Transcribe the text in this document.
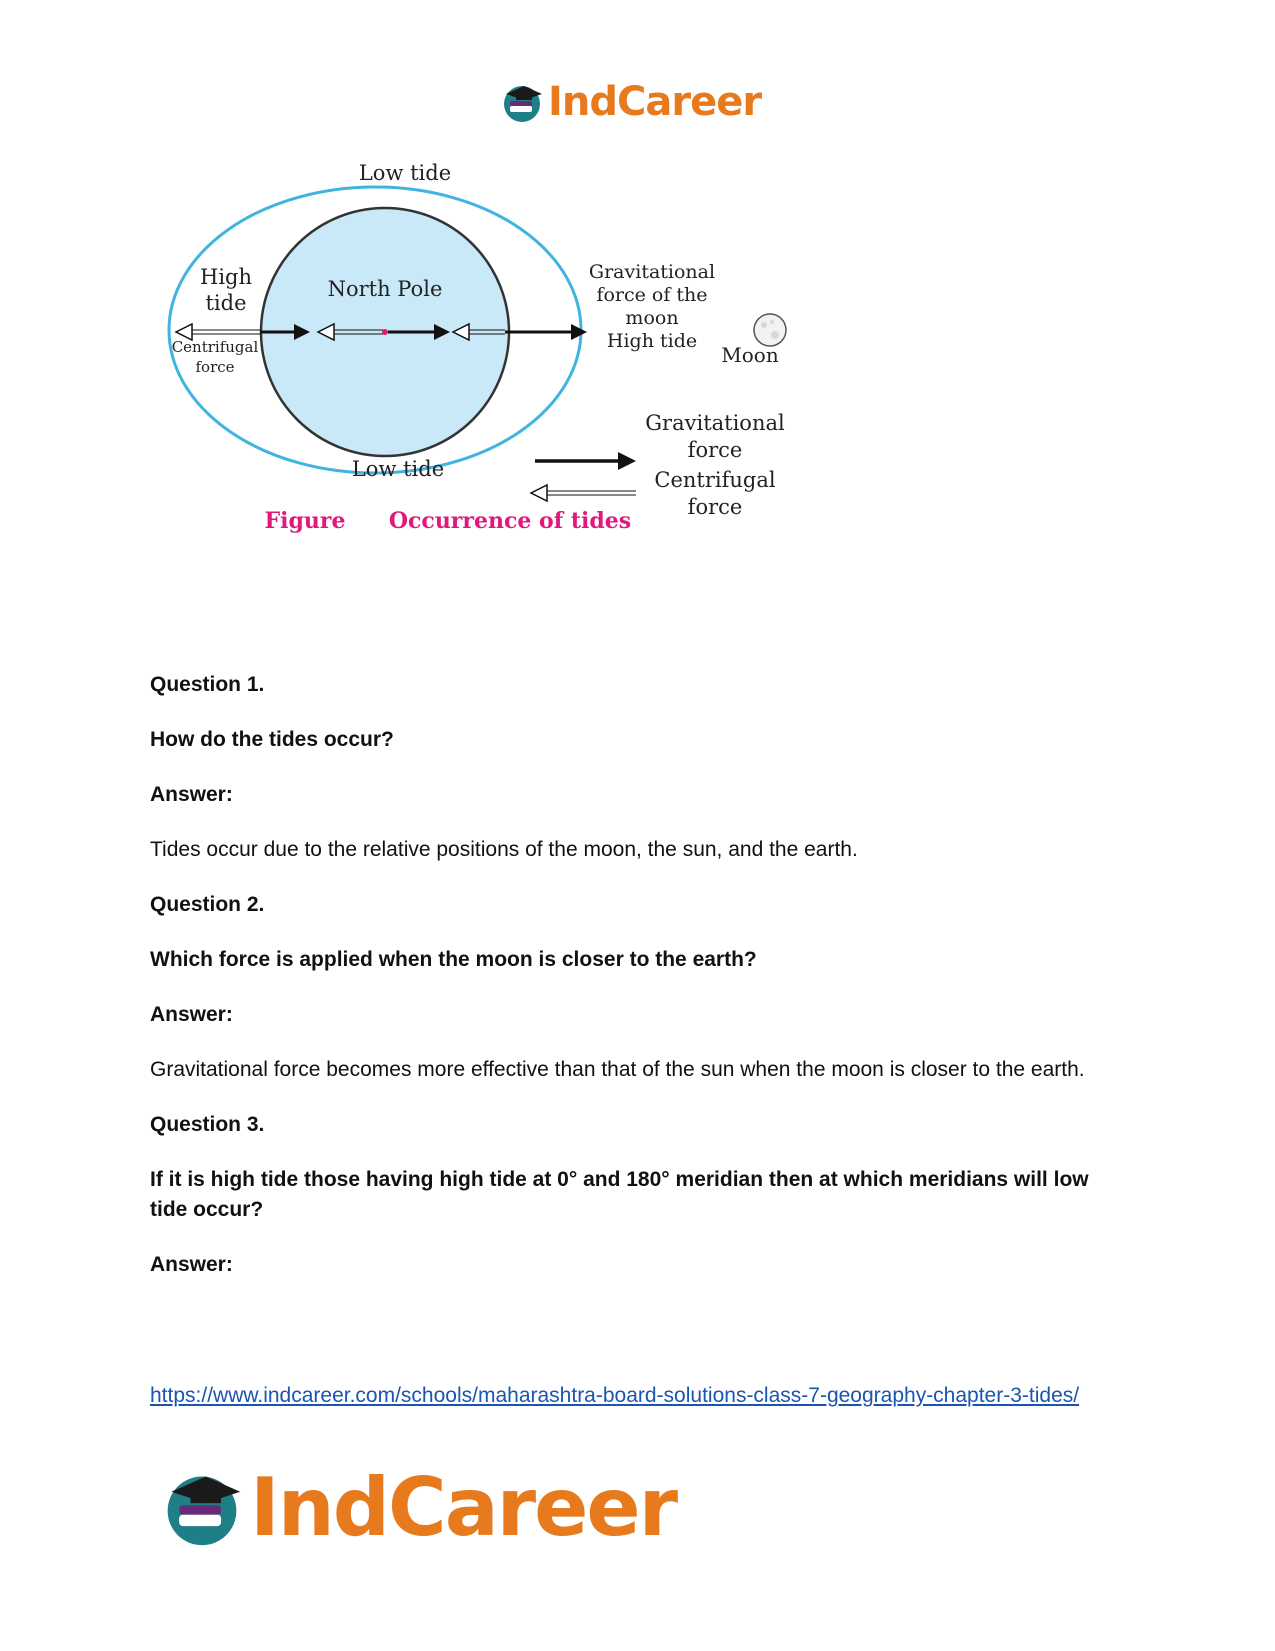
IndCareer
Low tide
High
tide
Centrifugal
force
North Pole
Gravitational
force of the
moon
High tide
Moon
Low tide
Gravitational
force
Centrifugal
force
Figure Occurrence of tides

Question 1.

How do the tides occur?

Answer:

Tides occur due to the relative positions of the moon, the sun, and the earth.

Question 2.

Which force is applied when the moon is closer to the earth?

Answer:

Gravitational force becomes more effective than that of the sun when the moon is closer to the earth.

Question 3.

If it is high tide those having high tide at 0° and 180° meridian then at which meridians will low tide occur?

Answer:

https://www.indcareer.com/schools/maharashtra-board-solutions-class-7-geography-chapter-3-tides/
IndCareer
